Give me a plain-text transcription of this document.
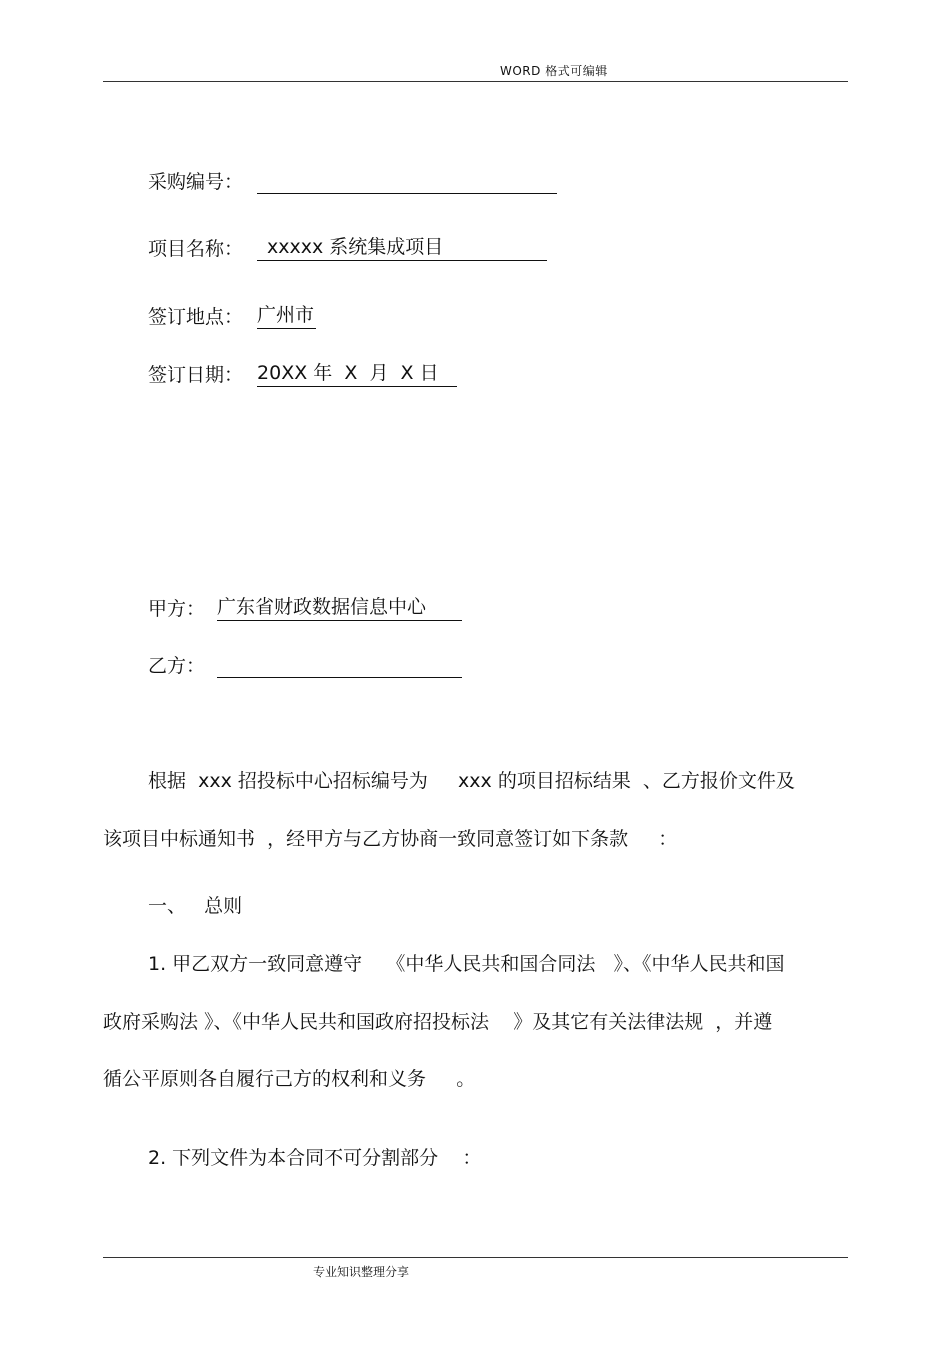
WORD 格式可编辑
采购编号：
项目名称： xxxxx 系统集成项目
签订地点： 广州市
签订日期： 20XX 年  X  月  X 日
甲方： 广东省财政数据信息中心
乙方：
根据  xxx 招投标中心招标编号为     xxx 的项目招标结果  、乙方报价文件及
该项目中标通知书  ，经甲方与乙方协商一致同意签订如下条款     ：
一、   总则
1. 甲乙双方一致同意遵守    《中华人民共和国合同法   》、《中华人民共和国
政府采购法 》、《中华人民共和国政府招投标法    》及其它有关法律法规  ，并遵
循公平原则各自履行己方的权利和义务     。
2. 下列文件为本合同不可分割部分    ：
专业知识整理分享
